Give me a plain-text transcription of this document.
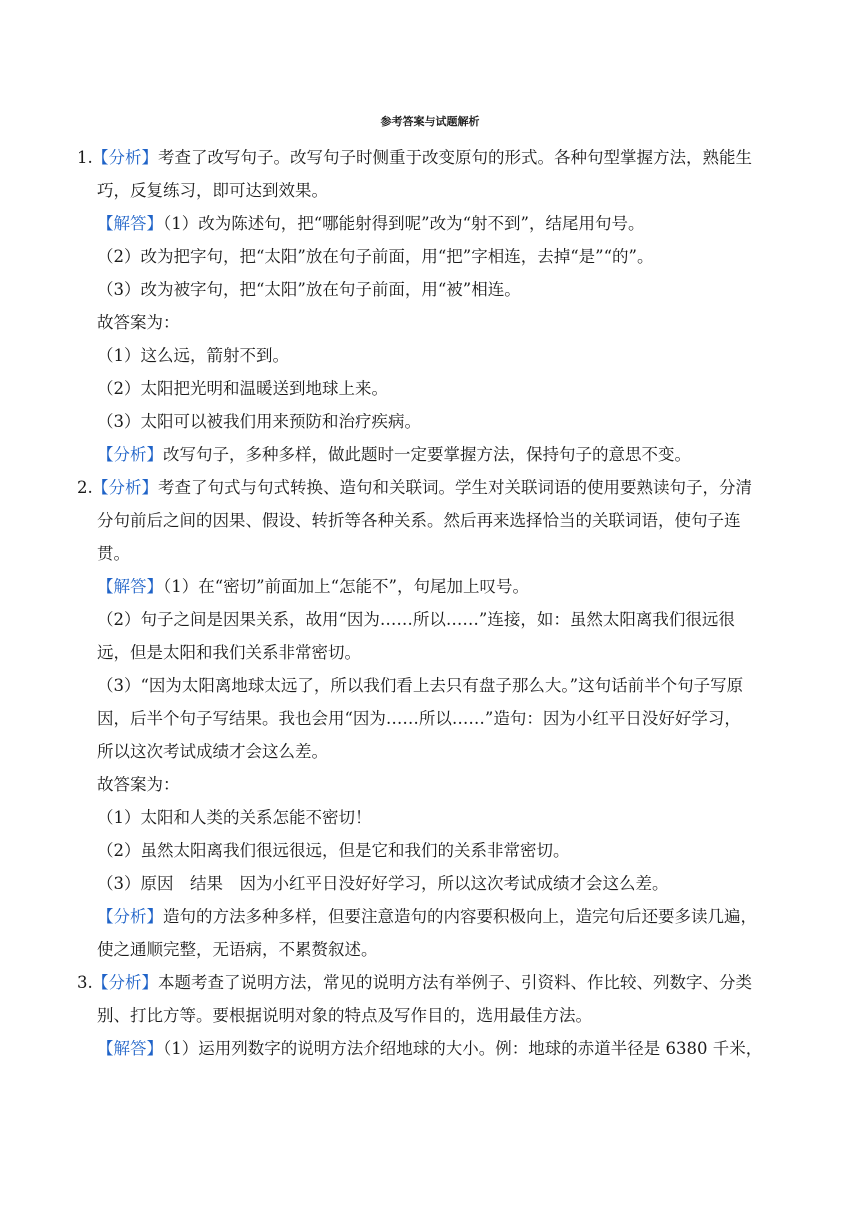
参考答案与试题解析
1. 【分析】考查了改写句子。改写句子时侧重于改变原句的形式。各种句型掌握方法，熟能生
巧，反复练习，即可达到效果。
【解答】（1）改为陈述句，把“哪能射得到呢”改为“射不到”，结尾用句号。
（2）改为把字句，把“太阳”放在句子前面，用“把”字相连，去掉“是”“的”。
（3）改为被字句，把“太阳”放在句子前面，用“被”相连。
故答案为：
（1）这么远，箭射不到。
（2）太阳把光明和温暖送到地球上来。
（3）太阳可以被我们用来预防和治疗疾病。
【分析】改写句子，多种多样，做此题时一定要掌握方法，保持句子的意思不变。
2. 【分析】考查了句式与句式转换、造句和关联词。学生对关联词语的使用要熟读句子，分清
分句前后之间的因果、假设、转折等各种关系。然后再来选择恰当的关联词语，使句子连
贯。
【解答】（1）在“密切”前面加上“怎能不”，句尾加上叹号。
（2）句子之间是因果关系，故用“因为……所以……”连接，如：虽然太阳离我们很远很
远，但是太阳和我们关系非常密切。
（3）“因为太阳离地球太远了，所以我们看上去只有盘子那么大。”这句话前半个句子写原
因，后半个句子写结果。我也会用“因为……所以……”造句：因为小红平日没好好学习，
所以这次考试成绩才会这么差。
故答案为：
（1）太阳和人类的关系怎能不密切！
（2）虽然太阳离我们很远很远，但是它和我们的关系非常密切。
（3）原因　结果　因为小红平日没好好学习，所以这次考试成绩才会这么差。
【分析】造句的方法多种多样，但要注意造句的内容要积极向上，造完句后还要多读几遍，
使之通顺完整，无语病，不累赘叙述。
3. 【分析】本题考查了说明方法，常见的说明方法有举例子、引资料、作比较、列数字、分类
别、打比方等。要根据说明对象的特点及写作目的，选用最佳方法。
【解答】（1）运用列数字的说明方法介绍地球的大小。例：地球的赤道半径是 6380 千米，
